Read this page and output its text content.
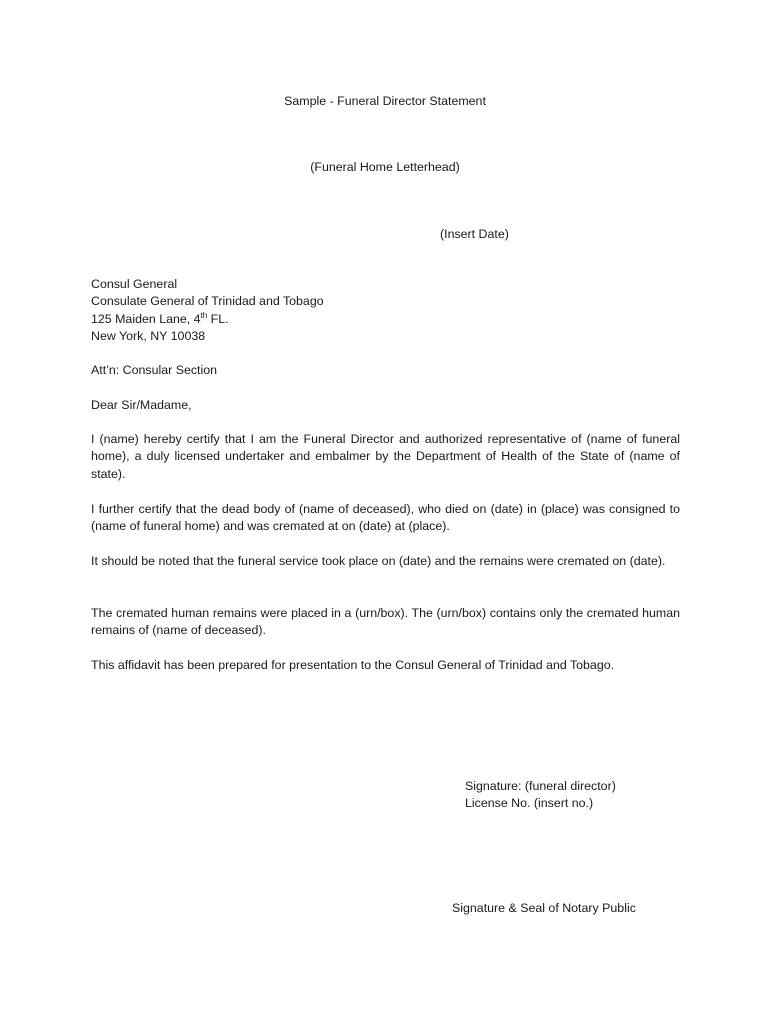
Sample - Funeral Director Statement

(Funeral Home Letterhead)

(Insert Date)

Consul General
Consulate General of Trinidad and Tobago
125 Maiden Lane, 4th FL.
New York, NY 10038

Att’n: Consular Section

Dear Sir/Madame,

I (name) hereby certify that I am the Funeral Director and authorized representative of (name of funeral home), a duly licensed undertaker and embalmer by the Department of Health of the State of (name of state).

I further certify that the dead body of (name of deceased), who died on (date) in (place) was consigned to (name of funeral home) and was cremated at on (date) at (place).

It should be noted that the funeral service took place on (date) and the remains were cremated on (date).

The cremated human remains were placed in a (urn/box). The (urn/box) contains only the cremated human remains of (name of deceased).

This affidavit has been prepared for presentation to the Consul General of Trinidad and Tobago.

Signature: (funeral director)
License No. (insert no.)

Signature & Seal of Notary Public
